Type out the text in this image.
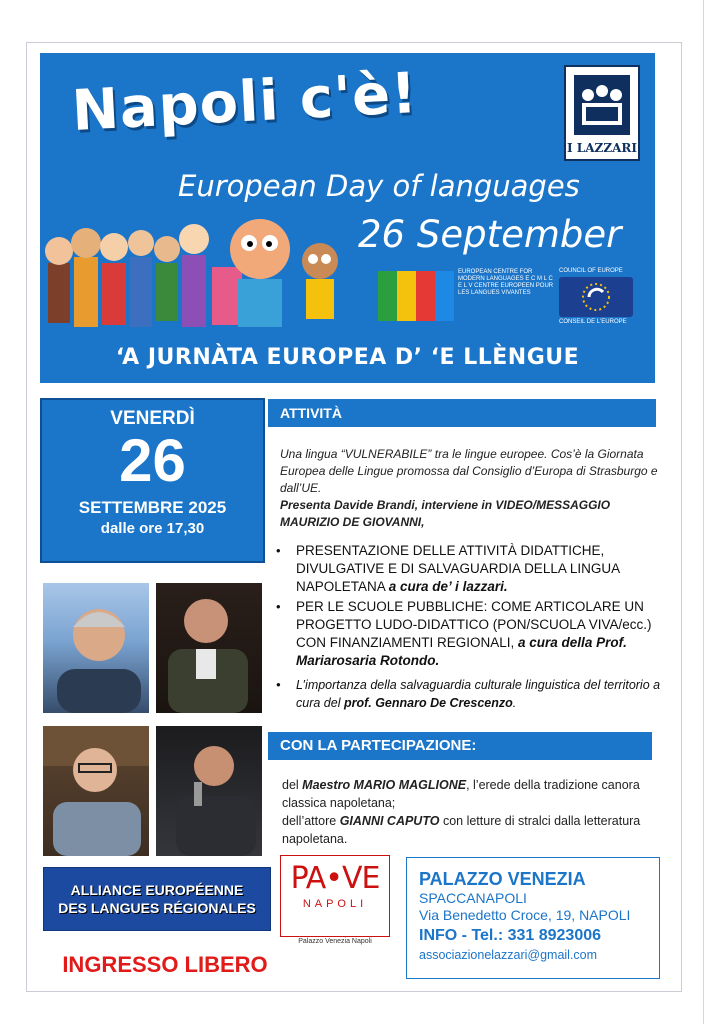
Napoli c'è!
European Day of languages
26 September
I LAZZARI
EUROPEAN CENTRE FOR MODERN LANGUAGES E C M L C E L V CENTRE EUROPEEN POUR LES LANGUES VIVANTES
COUNCIL OF EUROPE
CONSEIL DE L'EUROPE
‘A JURNÀTA EUROPEA D’ ‘E LLÈNGUE
VENERDÌ
26
SETTEMBRE 2025
dalle ore 17,30
ALLIANCE EUROPÉENNE
DES LANGUES RÉGIONALES
INGRESSO LIBERO
ATTIVITÀ
Una lingua “VULNERABILE” tra le lingue europee. Cos’è la Giornata Europea delle Lingue promossa dal Consiglio d’Europa di Strasburgo e dall’UE.
Presenta Davide Brandi, interviene in VIDEO/MESSAGGIO MAURIZIO DE GIOVANNI,
• PRESENTAZIONE DELLE ATTIVITÀ DIDATTICHE, DIVULGATIVE E DI SALVAGUARDIA DELLA LINGUA NAPOLETANA a cura de’ i lazzari.
• PER LE SCUOLE PUBBLICHE: COME ARTICOLARE UN PROGETTO LUDO-DIDATTICO (PON/SCUOLA VIVA/ecc.) CON FINANZIAMENTI REGIONALI, a cura della Prof. Mariarosaria Rotondo.
• L’importanza della salvaguardia culturale linguistica del territorio a cura del prof. Gennaro De Crescenzo.
CON LA PARTECIPAZIONE:
del Maestro MARIO MAGLIONE, l’erede della tradizione canora classica napoletana;
dell’attore GIANNI CAPUTO con letture di stralci dalla letteratura napoletana.
PA•VE
NAPOLI
Palazzo Venezia Napoli
PALAZZO VENEZIA
SPACCANAPOLI
Via Benedetto Croce, 19, NAPOLI
INFO - Tel.: 331 8923006
associazionelazzari@gmail.com
